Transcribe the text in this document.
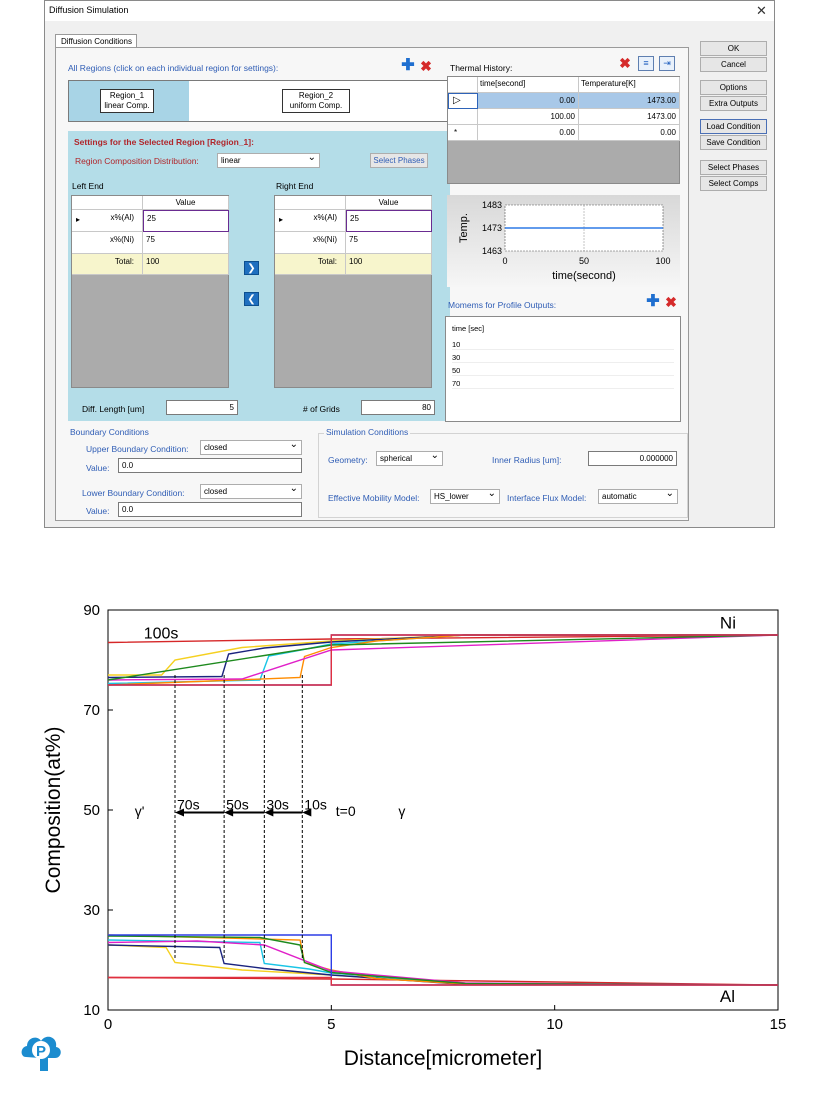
Diffusion Simulation	✕
Diffusion Conditions
All Regions (click on each individual region for settings):	✚ ✖
Region_1
linear Comp.
Region_2
uniform Comp.
Settings for the Selected Region [Region_1]:
Region Composition Distribution:	linear ⌄	Select Phases
Left End	Right End
Value
▸	x%(Al)	25
x%(Ni)	75
Total:	100
❯
❮
Value
▸	x%(Al)	25
x%(Ni)	75
Total:	100
Diff. Length [um]	5	# of Grids	80
Thermal History:	✖	≡	⇥
time[second]	Temperature[K]
▷	0.00	1473.00
100.00	1473.00
*	0.00	0.00
1483
1473
1463
0	50	100
time(second)
Temp.
Momems for Profile Outputs:	✚ ✖
time [sec]
10
30
50
70
Boundary Conditions
Upper Boundary Condition:	closed ⌄
Value:	0.0
Lower Boundary Condition:	closed ⌄
Value:	0.0
Simulation Conditions
Geometry:	spherical ⌄	Inner Radius [um]:	0.000000
Effective Mobility Model:	HS_lower ⌄	Interface Flux Model:	automatic ⌄
OK
Cancel
Options
Extra Outputs
Load Condition
Save Condition
Select Phases
Select Comps
0	5	10	15
10
30
50
70
90
70s 50s 30s 10s
100s
Ni
Al
γ'	γ
t=0
Distance[micrometer]
Composition(at%)
P
